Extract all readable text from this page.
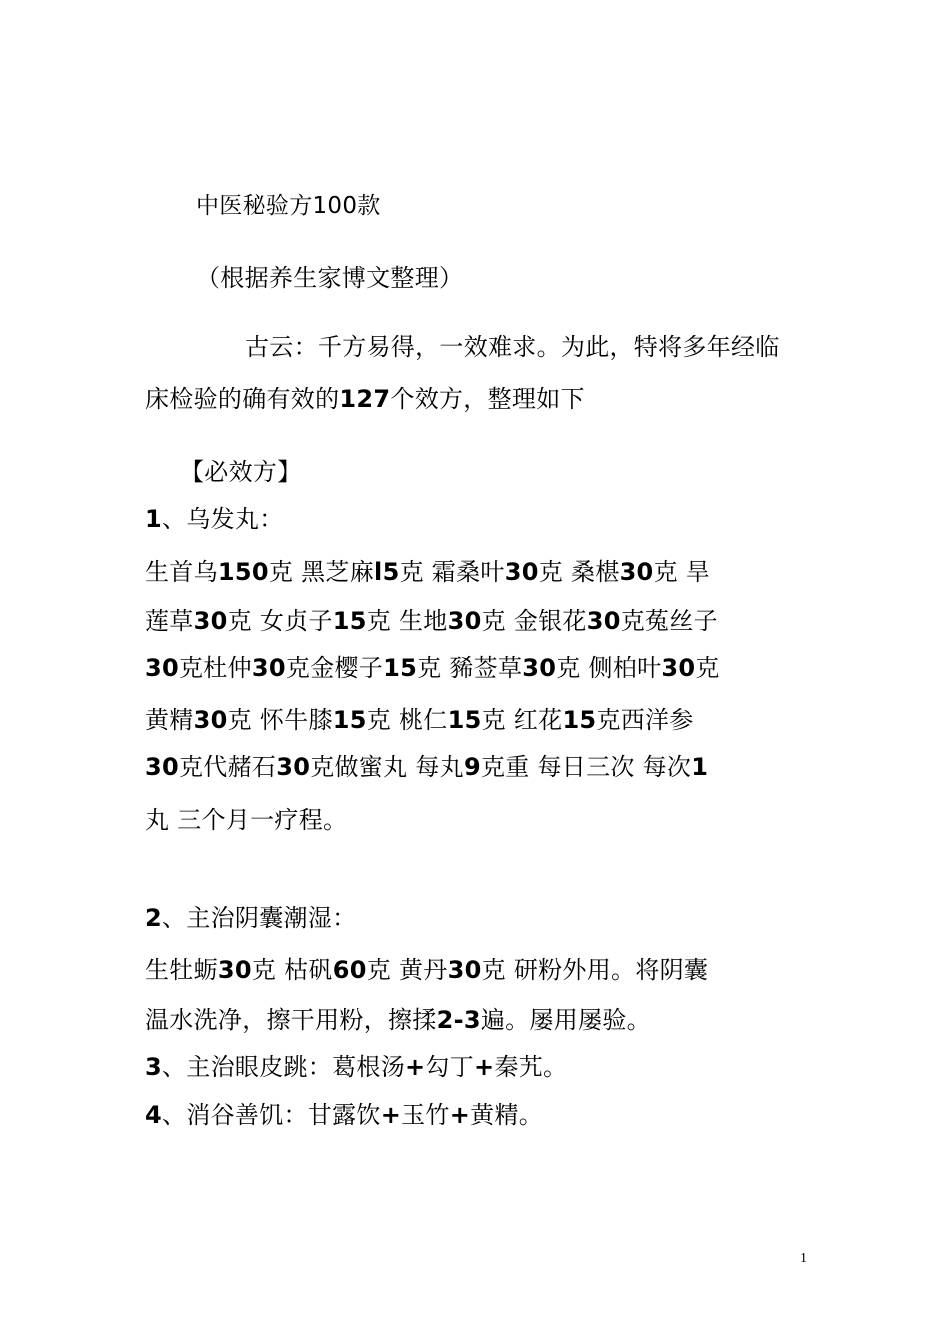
中医秘验方100款
（根据养生家博文整理）
古云：千方易得，一效难求。为此，特将多年经临
床检验的确有效的127个效方，整理如下
【必效方】
1、乌发丸：
生首乌150克 黑芝麻l5克 霜桑叶30克 桑椹30克 旱
莲草30克 女贞子15克 生地30克 金银花30克菟丝子
30克杜仲30克金樱子15克 豨莶草30克 侧柏叶30克
黄精30克 怀牛膝15克 桃仁15克 红花15克西洋参
30克代赭石30克做蜜丸 每丸9克重 每日三次 每次1
丸 三个月一疗程。
2、主治阴囊潮湿：
生牡蛎30克 枯矾60克 黄丹30克 研粉外用。将阴囊
温水洗净，擦干用粉，擦揉2-3遍。屡用屡验。
3、主治眼皮跳：葛根汤+勾丁+秦艽。
4、消谷善饥：甘露饮+玉竹+黄精。
1
